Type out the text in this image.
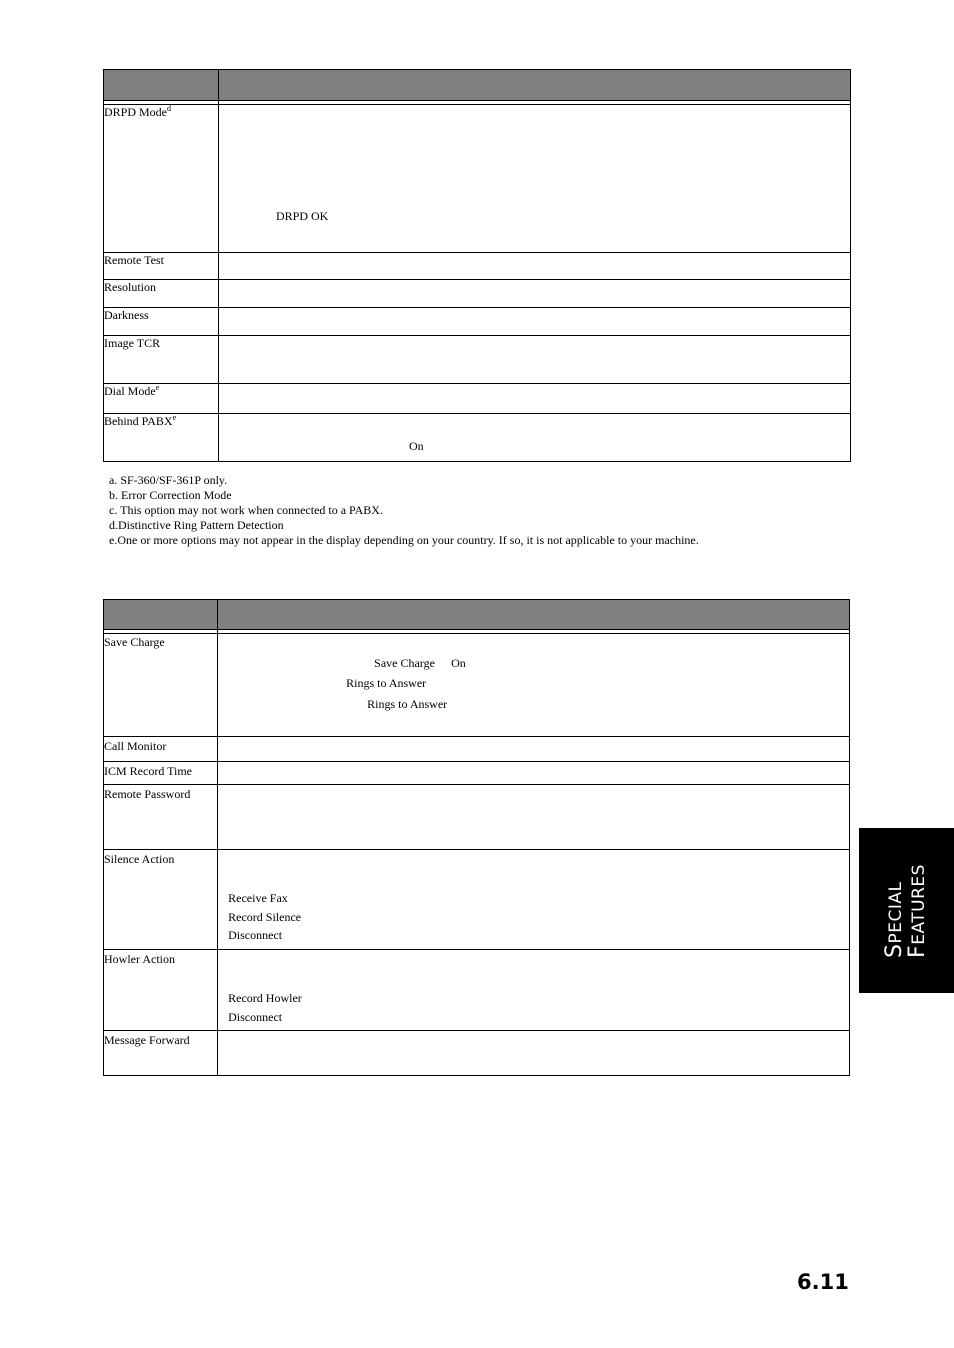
DRPD Mode$^d$	DRPD OK

Remote Test	
Resolution	
Darkness	
Image TCR	
Dial Mode$^e$	
Behind PABX$^e$	On
a. SF-360/SF-361P only.
b. Error Correction Mode
c. This option may not work when connected to a PABX.
d.Distinctive Ring Pattern Detection
e.One or more options may not appear in the display depending on your country. If so, it is not applicable to your machine.

Save Charge	Save Charge On
Rings to Answer
Rings to Answer

Call Monitor	
ICM Record Time	
Remote Password	
Silence Action	Receive Fax
Record Silence
Disconnect

Howler Action	Record Howler
Disconnect

Message Forward	
SPECIAL
FEATURES
6.11
